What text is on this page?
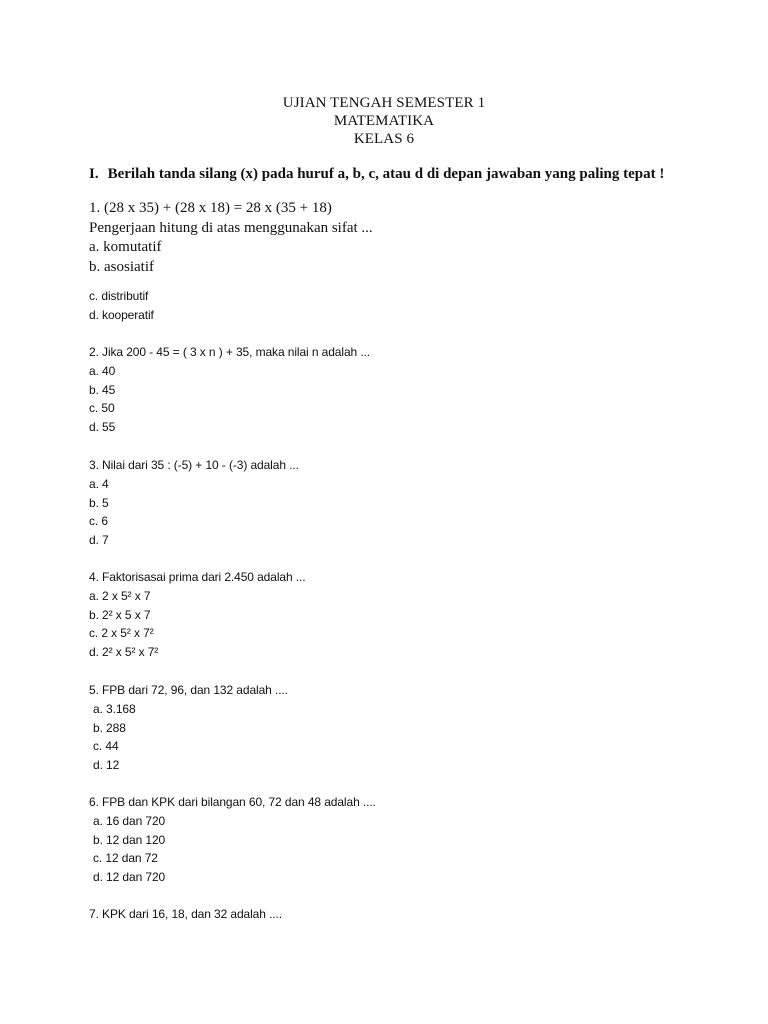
UJIAN TENGAH SEMESTER 1
MATEMATIKA
KELAS 6
I. Berilah tanda silang (x) pada huruf a, b, c, atau d di depan jawaban yang paling tepat !
1. (28 x 35) + (28 x 18) = 28 x (35 + 18)
Pengerjaan hitung di atas menggunakan sifat ...
a. komutatif
b. asosiatif
c. distributif
d. kooperatif
2. Jika 200 - 45 = ( 3 x n ) + 35, maka nilai n adalah ...
a. 40
b. 45
c. 50
d. 55
3. Nilai dari 35 : (-5) + 10 - (-3) adalah ...
a. 4
b. 5
c. 6
d. 7
4. Faktorisasai prima dari 2.450 adalah ...
a. 2 x 5² x 7
b. 2² x 5 x 7
c. 2 x 5² x 7²
d. 2² x 5² x 7²
5. FPB dari 72, 96, dan 132 adalah ....
a. 3.168
b. 288
c. 44
d. 12
6. FPB dan KPK dari bilangan 60, 72 dan 48 adalah ....
a. 16 dan 720
b. 12 dan 120
c. 12 dan 72
d. 12 dan 720
7. KPK dari 16, 18, dan 32 adalah ....
